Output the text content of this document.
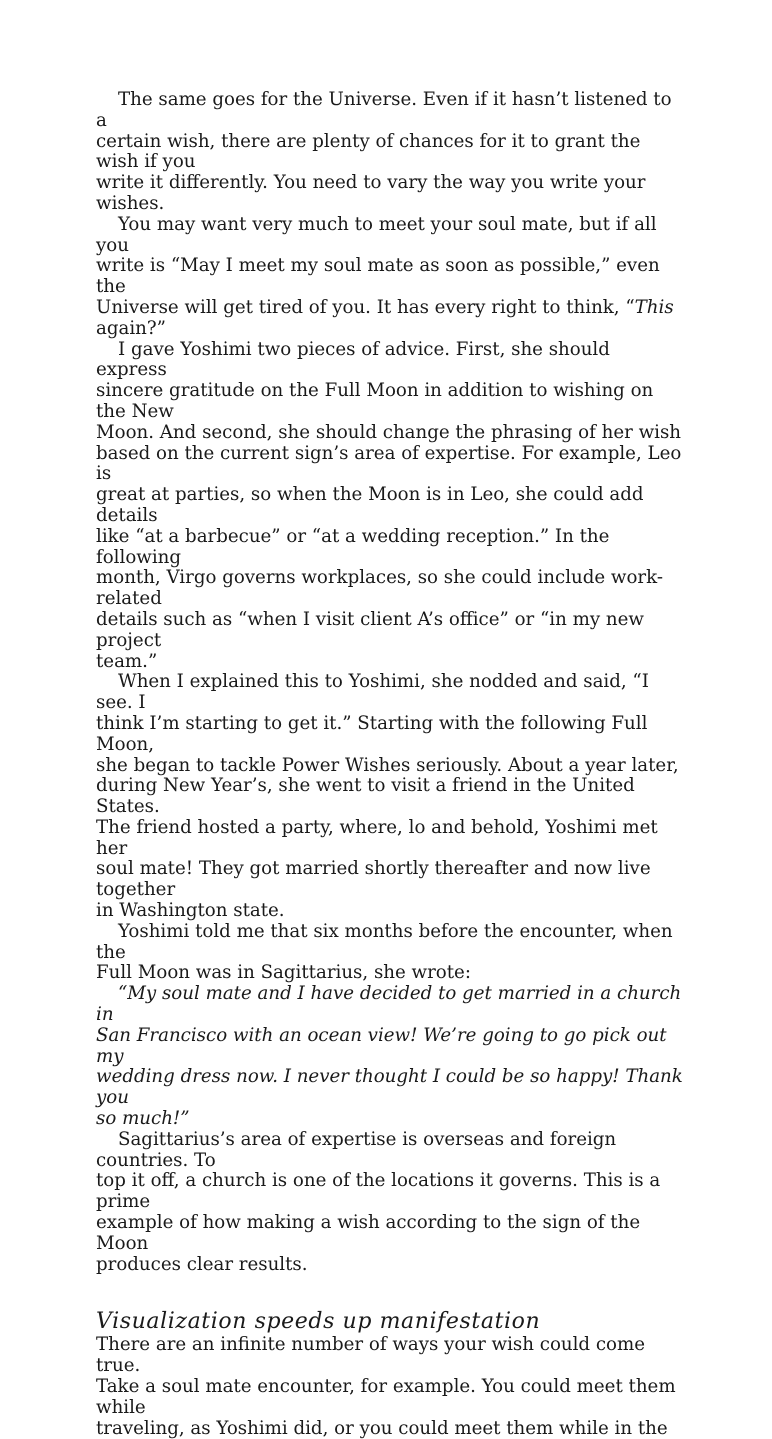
The same goes for the Universe. Even if it hasn’t listened to a
certain wish, there are plenty of chances for it to grant the wish if you
write it differently. You need to vary the way you write your wishes.

You may want very much to meet your soul mate, but if all you
write is “May I meet my soul mate as soon as possible,” even the
Universe will get tired of you. It has every right to think, “This
again?”

I gave Yoshimi two pieces of advice. First, she should express
sincere gratitude on the Full Moon in addition to wishing on the New
Moon. And second, she should change the phrasing of her wish
based on the current sign’s area of expertise. For example, Leo is
great at parties, so when the Moon is in Leo, she could add details
like “at a barbecue” or “at a wedding reception.” In the following
month, Virgo governs workplaces, so she could include work-related
details such as “when I visit client A’s office” or “in my new project
team.”

When I explained this to Yoshimi, she nodded and said, “I see. I
think I’m starting to get it.” Starting with the following Full Moon,
she began to tackle Power Wishes seriously. About a year later,
during New Year’s, she went to visit a friend in the United States.
The friend hosted a party, where, lo and behold, Yoshimi met her
soul mate! They got married shortly thereafter and now live together
in Washington state.

Yoshimi told me that six months before the encounter, when the
Full Moon was in Sagittarius, she wrote:

“My soul mate and I have decided to get married in a church in
San Francisco with an ocean view! We’re going to go pick out my
wedding dress now. I never thought I could be so happy! Thank you
so much!”

Sagittarius’s area of expertise is overseas and foreign countries. To
top it off, a church is one of the locations it governs. This is a prime
example of how making a wish according to the sign of the Moon
produces clear results.

Visualization speeds up manifestation

There are an infinite number of ways your wish could come true.
Take a soul mate encounter, for example. You could meet them while
traveling, as Yoshimi did, or you could meet them while in the
